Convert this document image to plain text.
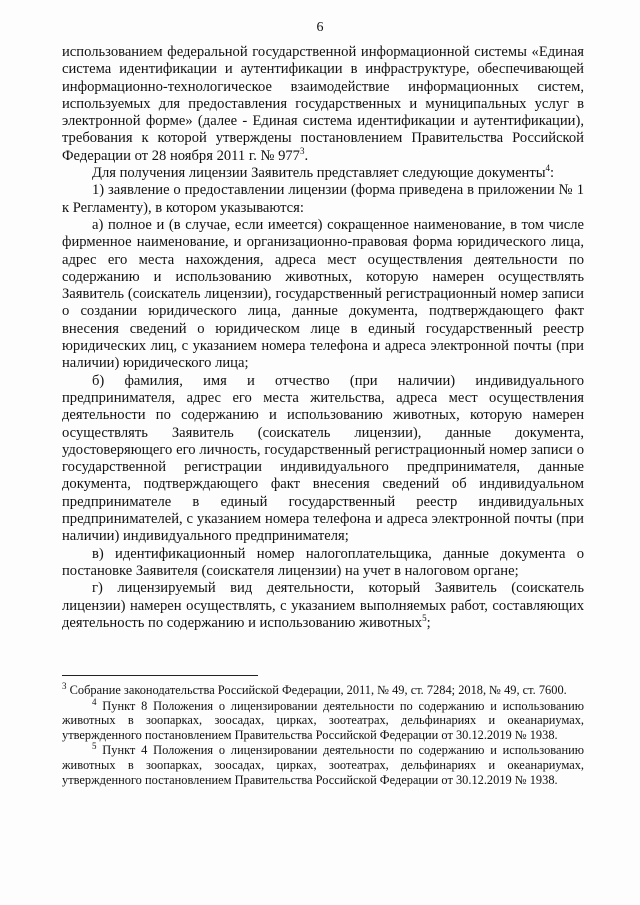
6

использованием федеральной государственной информационной системы «Единая система идентификации и аутентификации в инфраструктуре, обеспечивающей информационно-технологическое взаимодействие информационных систем, используемых для предоставления государственных и муниципальных услуг в электронной форме» (далее - Единая система идентификации и аутентификации), требования к которой утверждены постановлением Правительства Российской Федерации от 28 ноября 2011 г. № $977^3$.

Для получения лицензии Заявитель представляет следующие документы$^4$:

1) заявление о предоставлении лицензии (форма приведена в приложении № 1 к Регламенту), в котором указываются:

а) полное и (в случае, если имеется) сокращенное наименование, в том числе фирменное наименование, и организационно-правовая форма юридического лица, адрес его места нахождения, адреса мест осуществления деятельности по содержанию и использованию животных, которую намерен осуществлять Заявитель (соискатель лицензии), государственный регистрационный номер записи о создании юридического лица, данные документа, подтверждающего факт внесения сведений о юридическом лице в единый государственный реестр юридических лиц, с указанием номера телефона и адреса электронной почты (при наличии) юридического лица;

б) фамилия, имя и отчество (при наличии) индивидуального предпринимателя, адрес его места жительства, адреса мест осуществления деятельности по содержанию и использованию животных, которую намерен осуществлять Заявитель (соискатель лицензии), данные документа, удостоверяющего его личность, государственный регистрационный номер записи о государственной регистрации индивидуального предпринимателя, данные документа, подтверждающего факт внесения сведений об индивидуальном предпринимателе в единый государственный реестр индивидуальных предпринимателей, с указанием номера телефона и адреса электронной почты (при наличии) индивидуального предпринимателя;

в) идентификационный номер налогоплательщика, данные документа о постановке Заявителя (соискателя лицензии) на учет в налоговом органе;

г) лицензируемый вид деятельности, который Заявитель (соискатель лицензии) намерен осуществлять, с указанием выполняемых работ, составляющих деятельность по содержанию и использованию животных$^5$;

$^3$ Собрание законодательства Российской Федерации, 2011, № 49, ст. 7284; 2018, № 49, ст. 7600.

$^4$ Пункт 8 Положения о лицензировании деятельности по содержанию и использованию животных в зоопарках, зоосадах, цирках, зоотеатрах, дельфинариях и океанариумах, утвержденного постановлением Правительства Российской Федерации от 30.12.2019 № 1938.

$^5$ Пункт 4 Положения о лицензировании деятельности по содержанию и использованию животных в зоопарках, зоосадах, цирках, зоотеатрах, дельфинариях и океанариумах, утвержденного постановлением Правительства Российской Федерации от 30.12.2019 № 1938.
